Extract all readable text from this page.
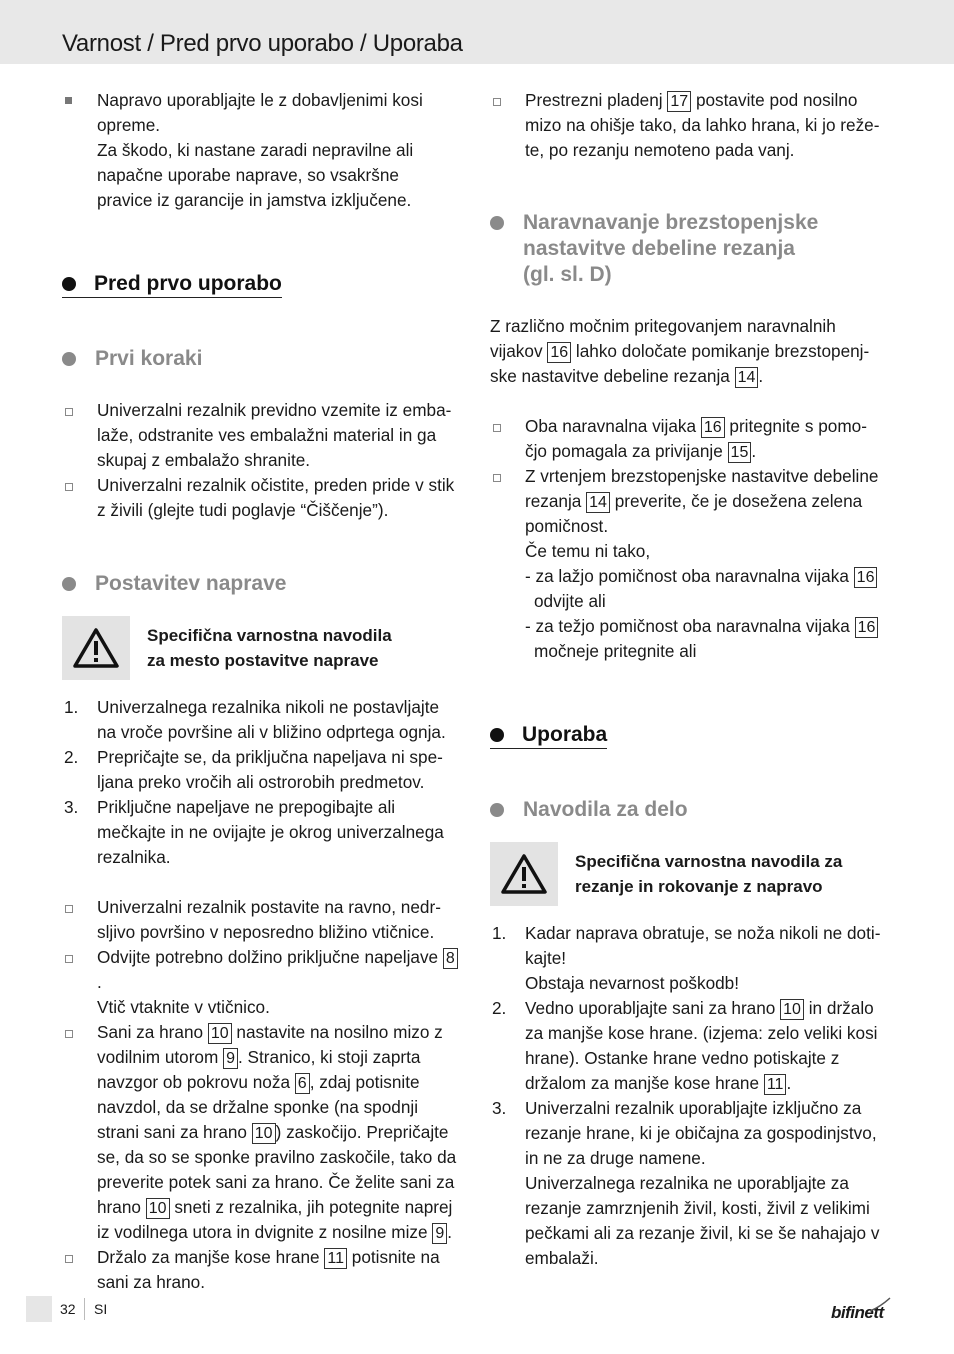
Varnost / Pred prvo uporabo / Uporaba
Napravo uporabljajte le z dobavljenimi kosi
opreme.
Za škodo, ki nastane zaradi nepravilne ali
napačne uporabe naprave, so vsakršne
pravice iz garancije in jamstva izključene.
Pred prvo uporabo
Prvi koraki
Univerzalni rezalnik previdno vzemite iz emba-
laže, odstranite ves embalažni material in ga
skupaj z embalažo shranite.
Univerzalni rezalnik očistite, preden pride v stik
z živili (glejte tudi poglavje “Čiščenje”).
Postavitev naprave
Specifična varnostna navodila
za mesto postavitve naprave
1. Univerzalnega rezalnika nikoli ne postavljajte
na vroče površine ali v bližino odprtega ognja.
2. Prepričajte se, da priključna napeljava ni spe-
ljana preko vročih ali ostrorobih predmetov.
3. Priključne napeljave ne prepogibajte ali
mečkajte in ne ovijajte je okrog univerzalnega
rezalnika.
Univerzalni rezalnik postavite na ravno, nedr-
sljivo površino v neposredno bližino vtičnice.
Odvijte potrebno dolžino priključne napeljave 8.
Vtič vtaknite v vtičnico.
Sani za hrano 10 nastavite na nosilno mizo z
vodilnim utorom 9 . Stranico, ki stoji zaprta
navzgor ob pokrovu noža 6 , zdaj potisnite
navzdol, da se držalne sponke (na spodnji
strani sani za hrano 10 ) zaskočijo. Prepričajte
se, da so se sponke pravilno zaskočile, tako da
preverite potek sani za hrano. Če želite sani za
hrano 10 sneti z rezalnika, jih potegnite naprej
iz vodilnega utora in dvignite z nosilne mize 9 .
Držalo za manjše kose hrane 11 potisnite na
sani za hrano.
Prestrezni pladenj 17 postavite pod nosilno
mizo na ohišje tako, da lahko hrana, ki jo reže-
te, po rezanju nemoteno pada vanj.
Naravnavanje brezstopenjske
nastavitve debeline rezanja
(gl. sl. D)
Z različno močnim pritegovanjem naravnalnih
vijakov 16 lahko določate pomikanje brezstopenj-
ske nastavitve debeline rezanja 14 .
Oba naravnalna vijaka 16 pritegnite s pomo-
čjo pomagala za privijanje 15 .
Z vrtenjem brezstopenjske nastavitve debeline
rezanja 14 preverite, če je dosežena zelena
pomičnost.
Če temu ni tako,
- za lažjo pomičnost oba naravnalna vijaka 16
odvijte ali
- za težjo pomičnost oba naravnalna vijaka 16
močneje pritegnite ali
Uporaba
Navodila za delo
Specifična varnostna navodila za
rezanje in rokovanje z napravo
1. Kadar naprava obratuje, se noža nikoli ne doti-
kajte!
Obstaja nevarnost poškodb!
2. Vedno uporabljajte sani za hrano 10 in držalo
za manjše kose hrane. (izjema: zelo veliki kosi
hrane). Ostanke hrane vedno potiskajte z
držalom za manjše kose hrane 11 .
3. Univerzalni rezalnik uporabljajte izključno za
rezanje hrane, ki je običajna za gospodinjstvo,
in ne za druge namene.
Univerzalnega rezalnika ne uporabljajte za
rezanje zamrznjenih živil, kosti, živil z velikimi
pečkami ali za rezanje živil, ki se še nahajajo v
embalaži.
32 SI	bifinett
